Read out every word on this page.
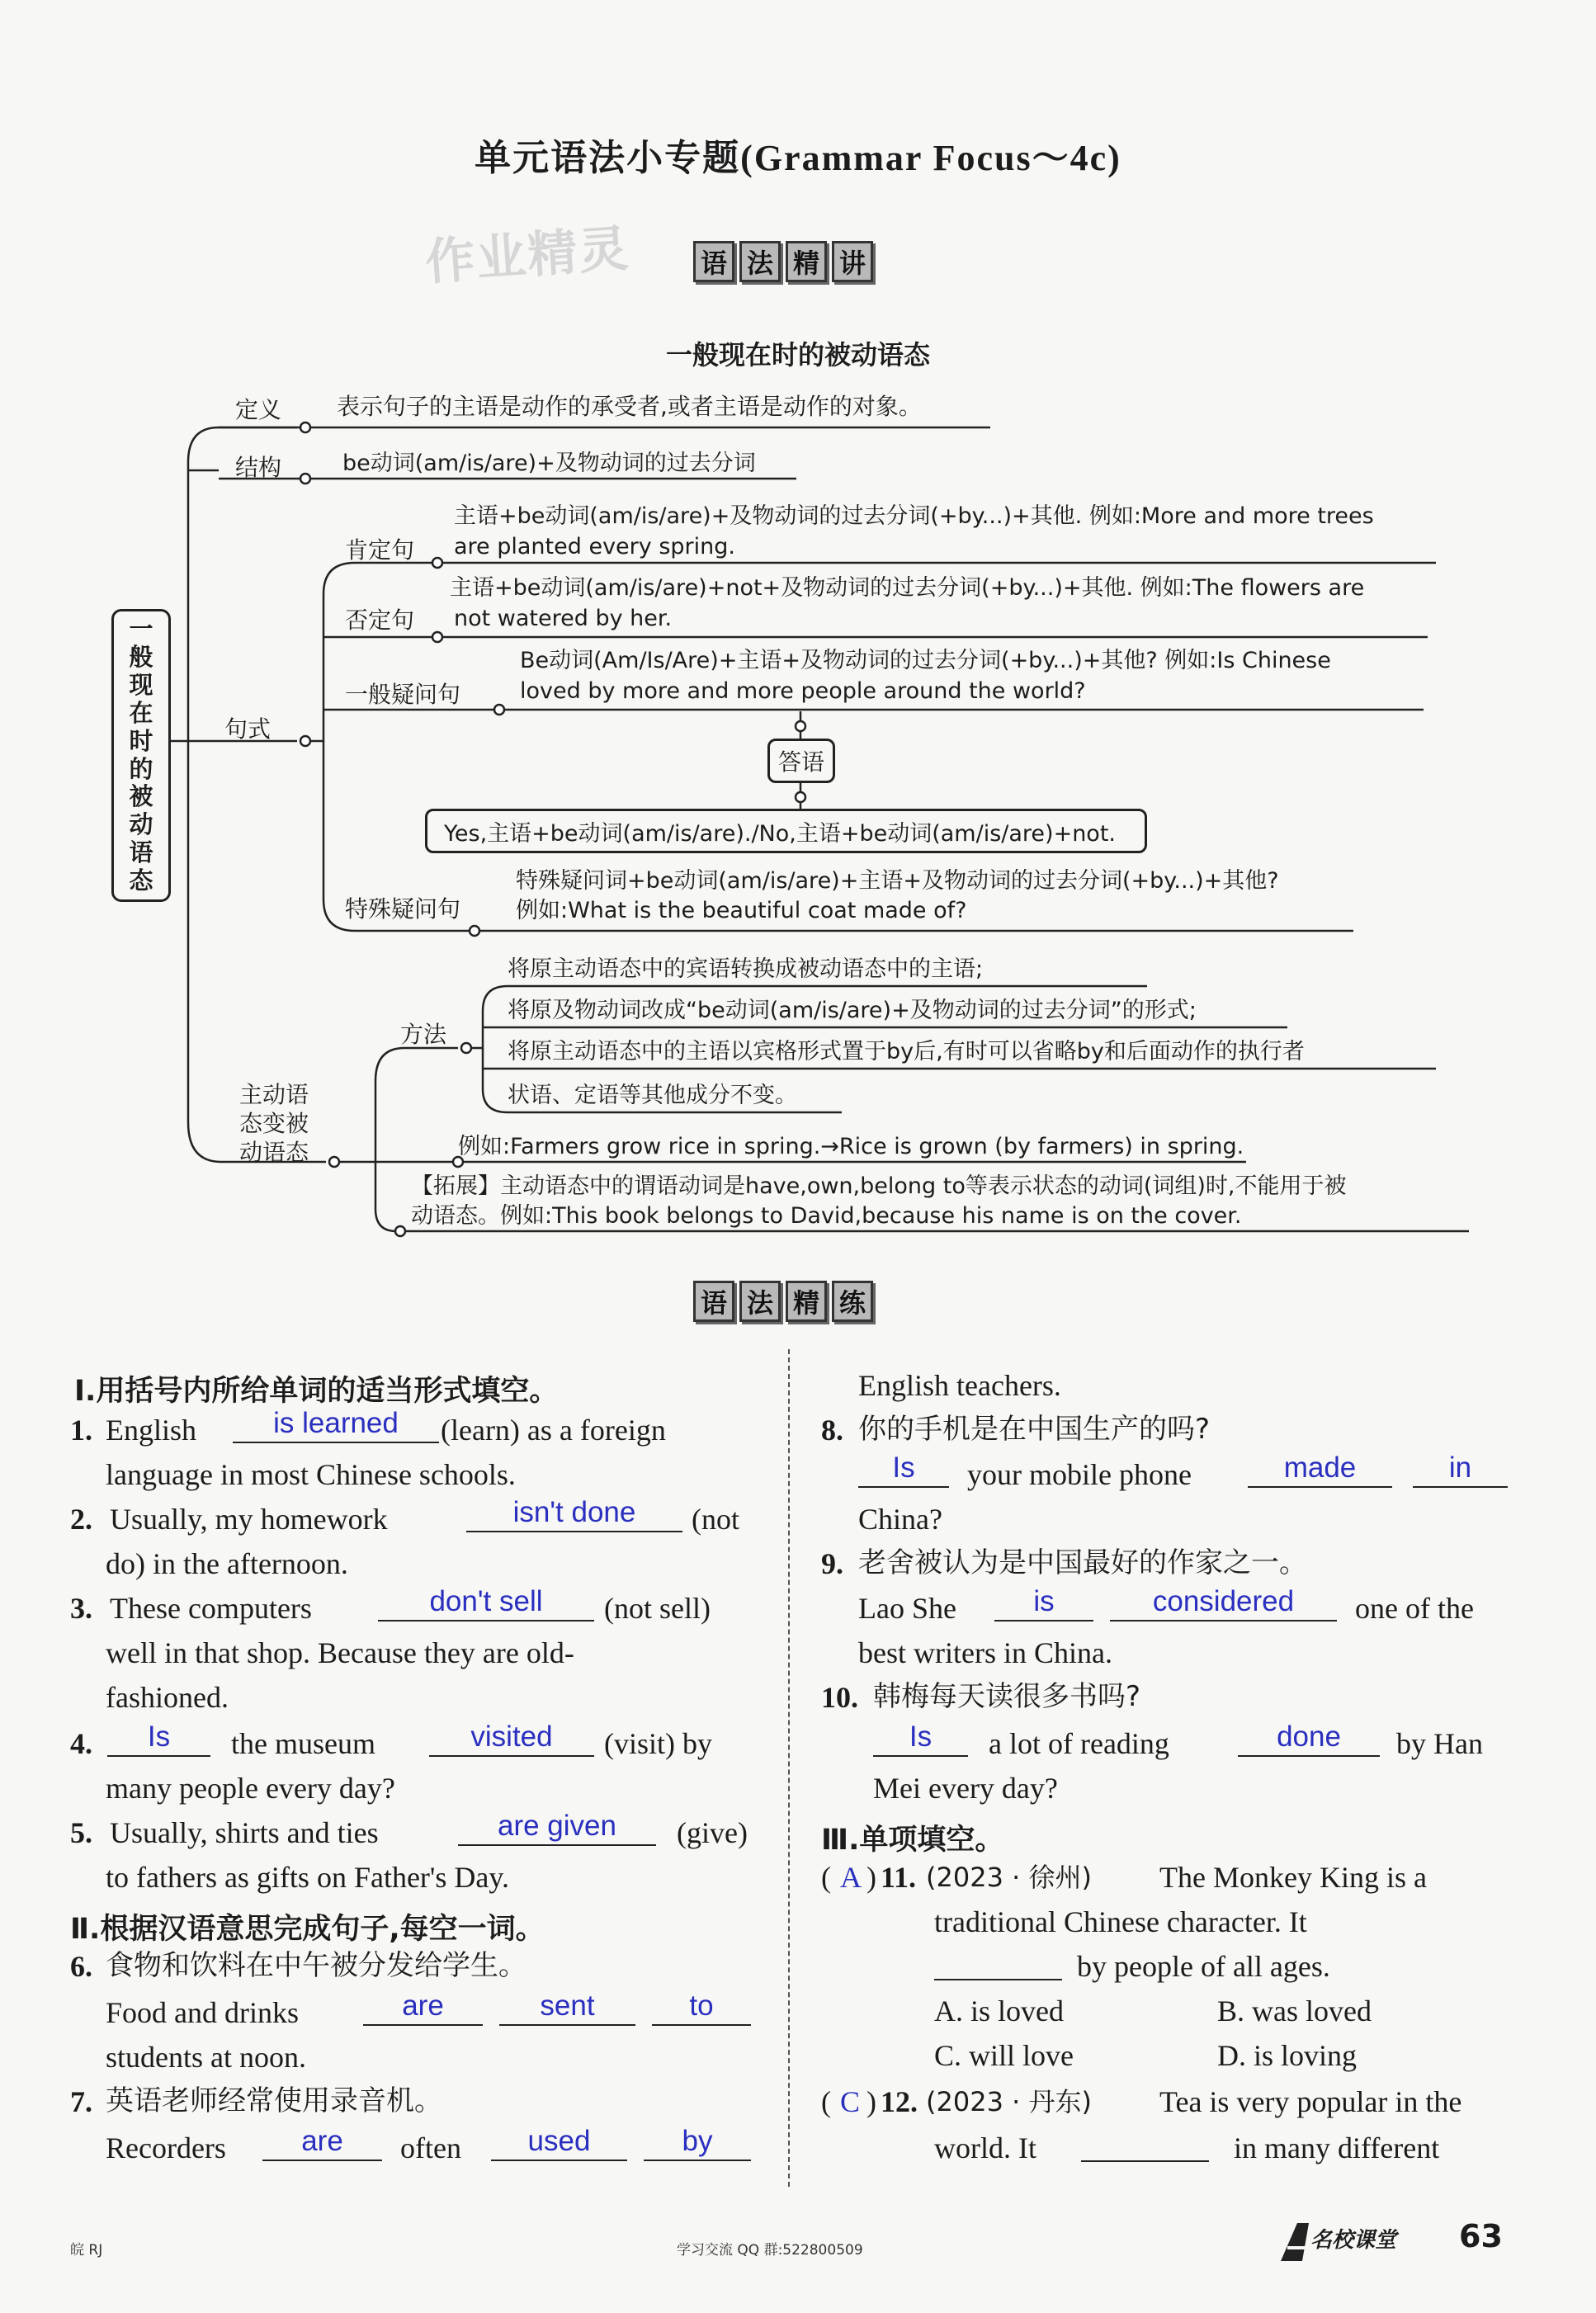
单元语法小专题(Grammar Focus～4c)
作业精灵	语 法 精 讲
一般现在时的被动语态
一
般
现
在
时
的
被
动
语
态
定义 表示句子的主语是动作的承受者,或者主语是动作的对象。
结构	be动词(am/is/are)+及物动词的过去分词
句式
肯定句
主语+be动词(am/is/are)+及物动词的过去分词(+by...)+其他. 例如:More and more trees
are planted every spring.
否定句
主语+be动词(am/is/are)+not+及物动词的过去分词(+by...)+其他. 例如:The flowers are
not watered by her.
一般疑问句
Be动词(Am/Is/Are)+主语+及物动词的过去分词(+by...)+其他? 例如:Is Chinese
loved by more and more people around the world?
答语
Yes,主语+be动词(am/is/are)./No,主语+be动词(am/is/are)+not.
特殊疑问句
特殊疑问词+be动词(am/is/are)+主语+及物动词的过去分词(+by...)+其他?
例如:What is the beautiful coat made of?
主动语
态变被
动语态
方法
将原主动语态中的宾语转换成被动语态中的主语;
将原及物动词改成“be动词(am/is/are)+及物动词的过去分词”的形式;
将原主动语态中的主语以宾格形式置于by后,有时可以省略by和后面动作的执行者
状语、定语等其他成分不变。
例如:Farmers grow rice in spring.→Rice is grown (by farmers) in spring.
【拓展】主动语态中的谓语动词是have,own,belong to等表示状态的动词(词组)时,不能用于被
动语态。例如:This book belongs to David,because his name is on the cover.
语 法 精 练
Ⅰ.用括号内所给单词的适当形式填空。
1. English	is learned	(learn) as a foreign
language in most Chinese schools.
2. Usually, my homework	isn't done	(not
do) in the afternoon.
3. These computers	don't sell	(not sell)
well in that shop. Because they are old-
fashioned.
4.	Is	the museum	visited	(visit) by
many people every day?
5. Usually, shirts and ties	are given	(give)
to fathers as gifts on Father's Day.
Ⅱ.根据汉语意思完成句子,每空一词。
6. 食物和饮料在中午被分发给学生。
Food and drinks	are	sent	to
students at noon.
7. 英语老师经常使用录音机。
Recorders	are	often	used	by
English teachers.
8. 你的手机是在中国生产的吗?
Is	your mobile phone	made	in
China?
9. 老舍被认为是中国最好的作家之一。
Lao She	is	considered	one of the
best writers in China.
10. 韩梅每天读很多书吗?
Is	a lot of reading	done	by Han
Mei every day?
Ⅲ.单项填空。
( A ) 11. (2023 · 徐州) The Monkey King is a
traditional Chinese character. It
by people of all ages.
A. is loved	B. was loved
C. will love	D. is loving
( C ) 12. (2023 · 丹东) Tea is very popular in the
world. It	in many different
皖 RJ	学习交流 QQ 群:522800509	名校课堂 63
